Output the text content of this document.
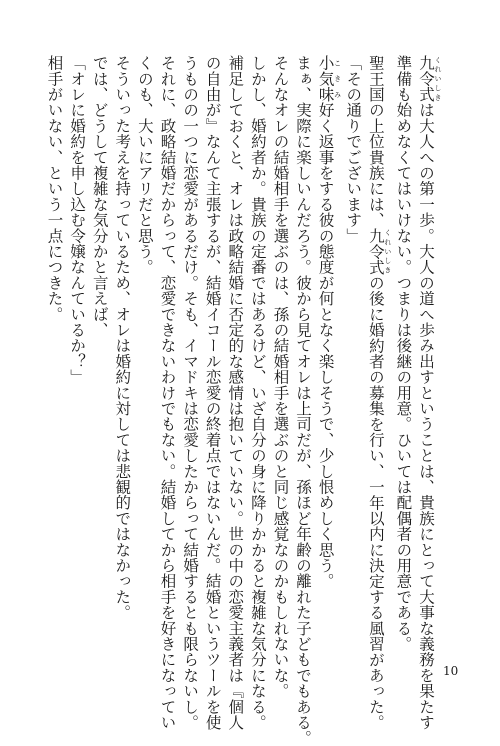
九令式 くれいしきは大人への第一歩。大人の道へ歩み出すということは、貴族にとって大事な義務を果たす
準備も始めなくてはいけない。つまりは後継の用意。ひいては配偶者の用意である。
聖王国の上位貴族には、九令式 くれいしきの後に婚約者の募集を行い、一年以内に決定する風習があった。
「その通りでございます」
小気味 こきみ好く返事をする彼の態度が何となく楽しそうで、少し恨めしく思う。
まぁ、実際に楽しいんだろう。彼から見てオレは上司だが、孫ほど年齢の離れた子どもでもある。
そんなオレの結婚相手を選ぶのは、孫の結婚相手を選ぶのと同じ感覚なのかもしれないな。
しかし、婚約者か。貴族の定番ではあるけど、いざ自分の身に降りかかると複雑な気分になる。
補足しておくと、オレは政略結婚に否定的な感情は抱いていない。世の中の恋愛主義者は『個人
の自由が』なんて主張するが、結婚イコール恋愛の終着点ではないんだ。結婚というツールを使
うものの一つに恋愛があるだけ。そも、イマドキは恋愛したからって結婚するとも限らないし。
それに、政略結婚だからって、恋愛できないわけでもない。結婚してから相手を好きになってい
くのも、大いにアリだと思う。
そういった考えを持っているため、オレは婚約に対しては悲観的ではなかった。
では、どうして複雑な気分かと言えば、
「オレに婚約を申し込む令嬢なんているか？」
相手がいない、という一点につきた。
10
